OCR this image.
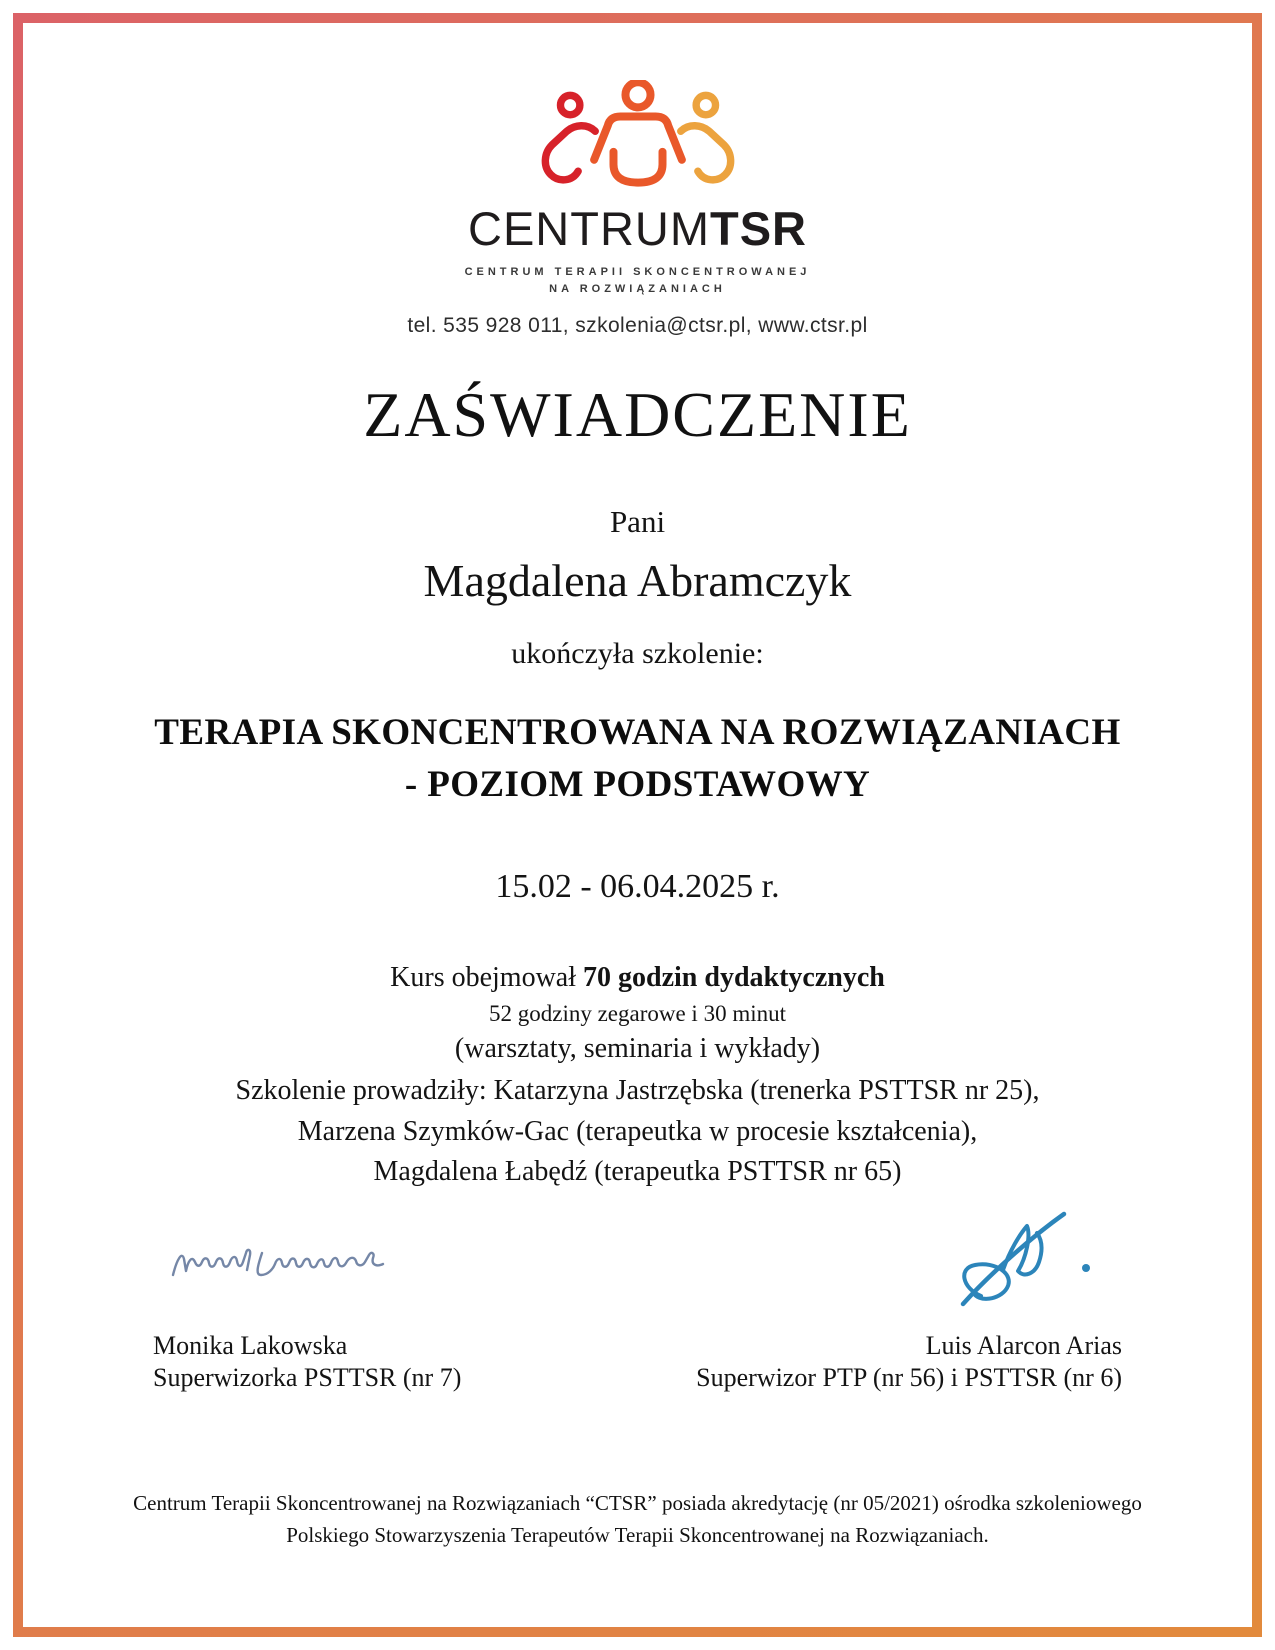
CENTRUMTSR
CENTRUM TERAPII SKONCENTROWANEJ
NA ROZWIĄZANIACH
tel. 535 928 011, szkolenia@ctsr.pl, www.ctsr.pl
ZAŚWIADCZENIE
Pani
Magdalena Abramczyk
ukończyła szkolenie:
TERAPIA SKONCENTROWANA NA ROZWIĄZANIACH
- POZIOM PODSTAWOWY
15.02 - 06.04.2025 r.
Kurs obejmował 70 godzin dydaktycznych
52 godziny zegarowe i 30 minut
(warsztaty, seminaria i wykłady)
Szkolenie prowadziły: Katarzyna Jastrzębska (trenerka PSTTSR nr 25),
Marzena Szymków-Gac (terapeutka w procesie kształcenia),
Magdalena Łabędź (terapeutka PSTTSR nr 65)
Monika Lakowska
Superwizorka PSTTSR (nr 7)
Luis Alarcon Arias
Superwizor PTP (nr 56) i PSTTSR (nr 6)
Centrum Terapii Skoncentrowanej na Rozwiązaniach “CTSR” posiada akredytację (nr 05/2021) ośrodka szkoleniowego
Polskiego Stowarzyszenia Terapeutów Terapii Skoncentrowanej na Rozwiązaniach.
